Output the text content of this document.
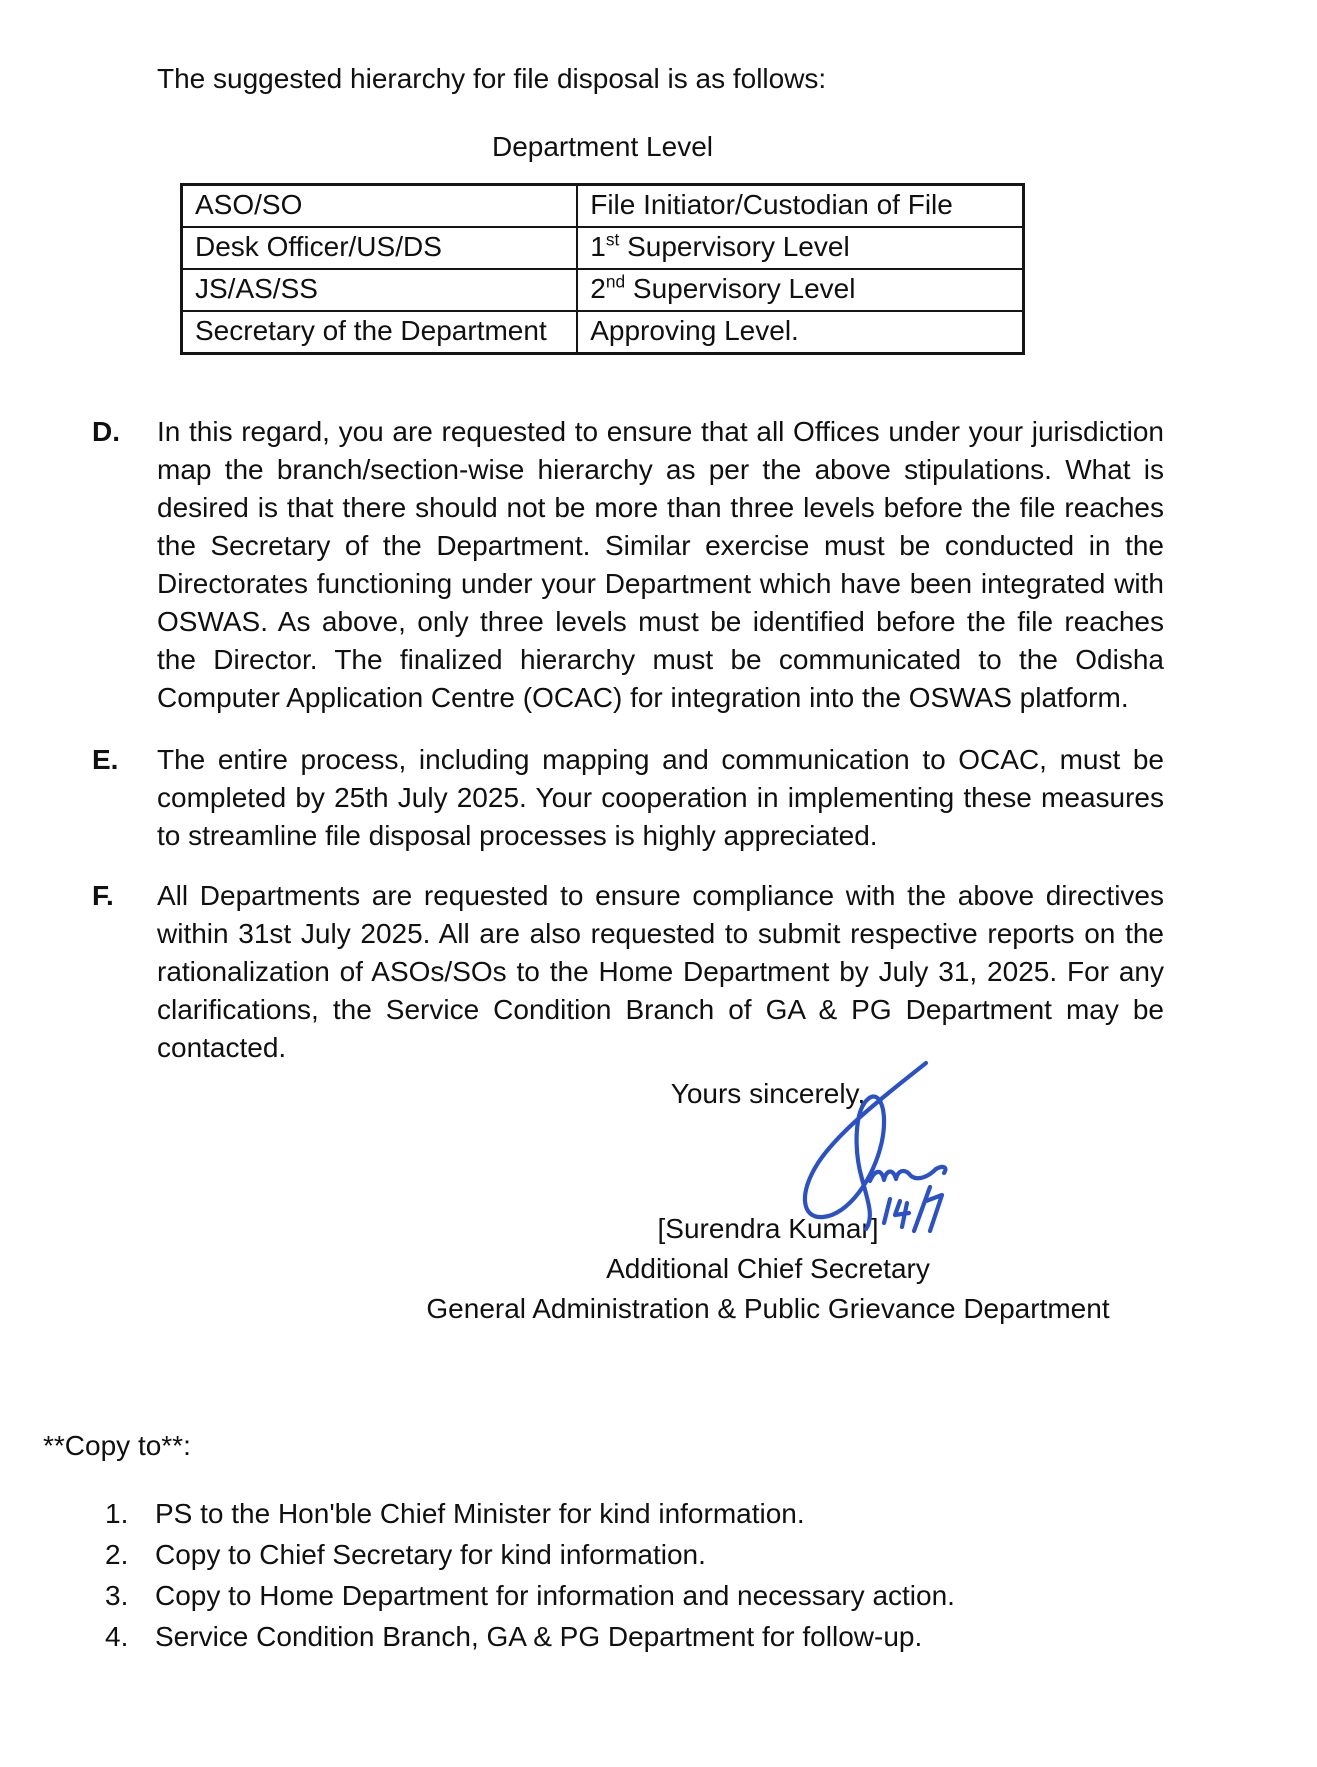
The suggested hierarchy for file disposal is as follows:
Department Level
ASO/SO	File Initiator/Custodian of File
Desk Officer/US/DS	1st Supervisory Level
JS/AS/SS	2nd Supervisory Level
Secretary of the Department	Approving Level.
D.	In this regard, you are requested to ensure that all Offices under your jurisdiction map the branch/section-wise hierarchy as per the above stipulations. What is desired is that there should not be more than three levels before the file reaches the Secretary of the Department. Similar exercise must be conducted in the Directorates functioning under your Department which have been integrated with OSWAS. As above, only three levels must be identified before the file reaches the Director. The finalized hierarchy must be communicated to the Odisha Computer Application Centre (OCAC) for integration into the OSWAS platform.
E.	The entire process, including mapping and communication to OCAC, must be completed by 25th July 2025. Your cooperation in implementing these measures to streamline file disposal processes is highly appreciated.
F.	All Departments are requested to ensure compliance with the above directives within 31st July 2025. All are also requested to submit respective reports on the rationalization of ASOs/SOs to the Home Department by July 31, 2025. For any clarifications, the Service Condition Branch of GA & PG Department may be contacted.
Yours sincerely,
[Surendra Kumar]
Additional Chief Secretary
General Administration & Public Grievance Department
**Copy to**:
1. PS to the Hon'ble Chief Minister for kind information.
2. Copy to Chief Secretary for kind information.
3. Copy to Home Department for information and necessary action.
4. Service Condition Branch, GA & PG Department for follow-up.
